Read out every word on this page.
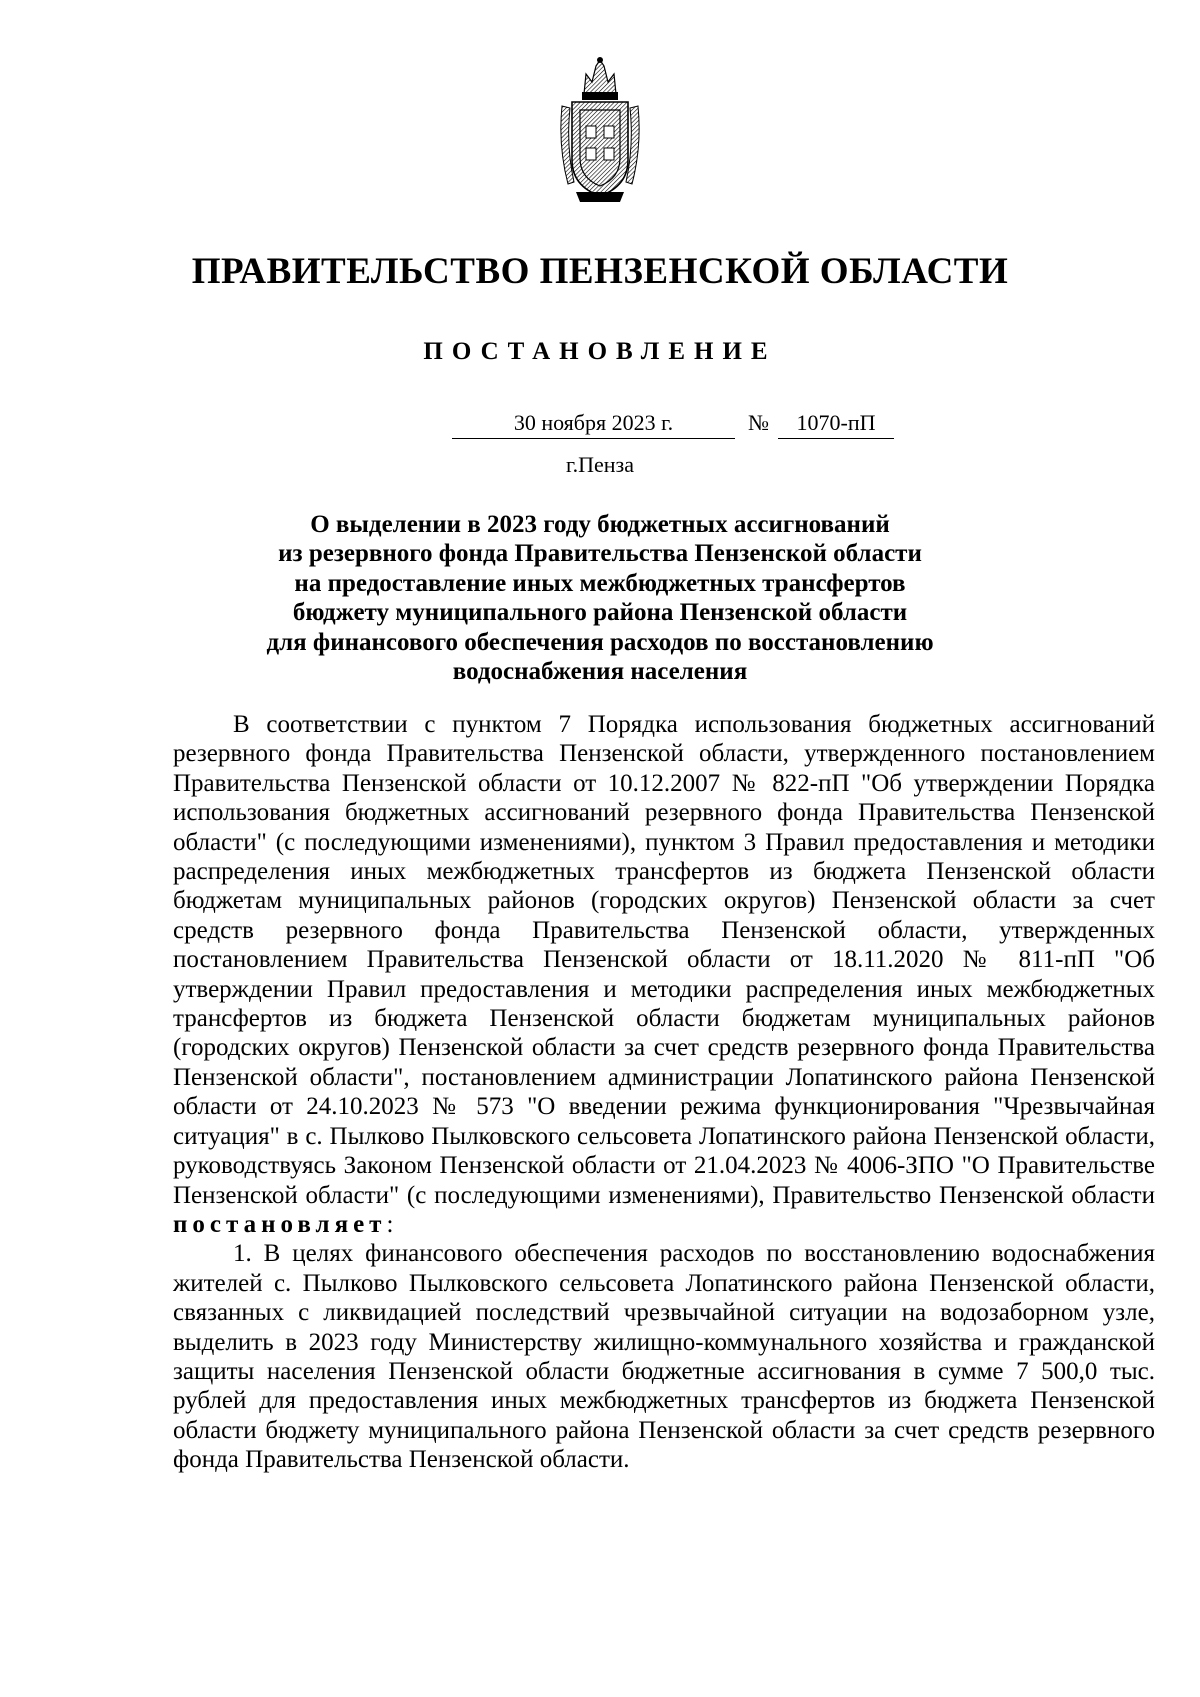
ПРАВИТЕЛЬСТВО ПЕНЗЕНСКОЙ ОБЛАСТИ
ПОСТАНОВЛЕНИЕ
30 ноября 2023 г.	№	1070-пП
г.Пенза
О выделении в 2023 году бюджетных ассигнований
из резервного фонда Правительства Пензенской области
на предоставление иных межбюджетных трансфертов
бюджету муниципального района Пензенской области
для финансового обеспечения расходов по восстановлению
водоснабжения населения

В соответствии с пунктом 7 Порядка использования бюджетных ассигнований резервного фонда Правительства Пензенской области, утвержденного постановлением Правительства Пензенской области от 10.12.2007 № 822-пП "Об утверждении Порядка использования бюджетных ассигнований резервного фонда Правительства Пензенской области" (с последующими изменениями), пунктом 3 Правил предоставления и методики распределения иных межбюджетных трансфертов из бюджета Пензенской области бюджетам муниципальных районов (городских округов) Пензенской области за счет средств резервного фонда Правительства Пензенской области, утвержденных постановлением Правительства Пензенской области от 18.11.2020 № 811-пП "Об утверждении Правил предоставления и методики распределения иных межбюджетных трансфертов из бюджета Пензенской области бюджетам муниципальных районов (городских округов) Пензенской области за счет средств резервного фонда Правительства Пензенской области", постановлением администрации Лопатинского района Пензенской области от 24.10.2023 № 573 "О введении режима функционирования "Чрезвычайная ситуация" в с. Пылково Пылковского сельсовета Лопатинского района Пензенской области, руководствуясь Законом Пензенской области от 21.04.2023 № 4006-ЗПО "О Правительстве Пензенской области" (с последующими изменениями), Правительство Пензенской области постановляет:

1. В целях финансового обеспечения расходов по восстановлению водоснабжения жителей с. Пылково Пылковского сельсовета Лопатинского района Пензенской области, связанных с ликвидацией последствий чрезвычайной ситуации на водозаборном узле, выделить в 2023 году Министерству жилищно-коммунального хозяйства и гражданской защиты населения Пензенской области бюджетные ассигнования в сумме 7 500,0 тыс. рублей для предоставления иных межбюджетных трансфертов из бюджета Пензенской области бюджету муниципального района Пензенской области за счет средств резервного фонда Правительства Пензенской области.
